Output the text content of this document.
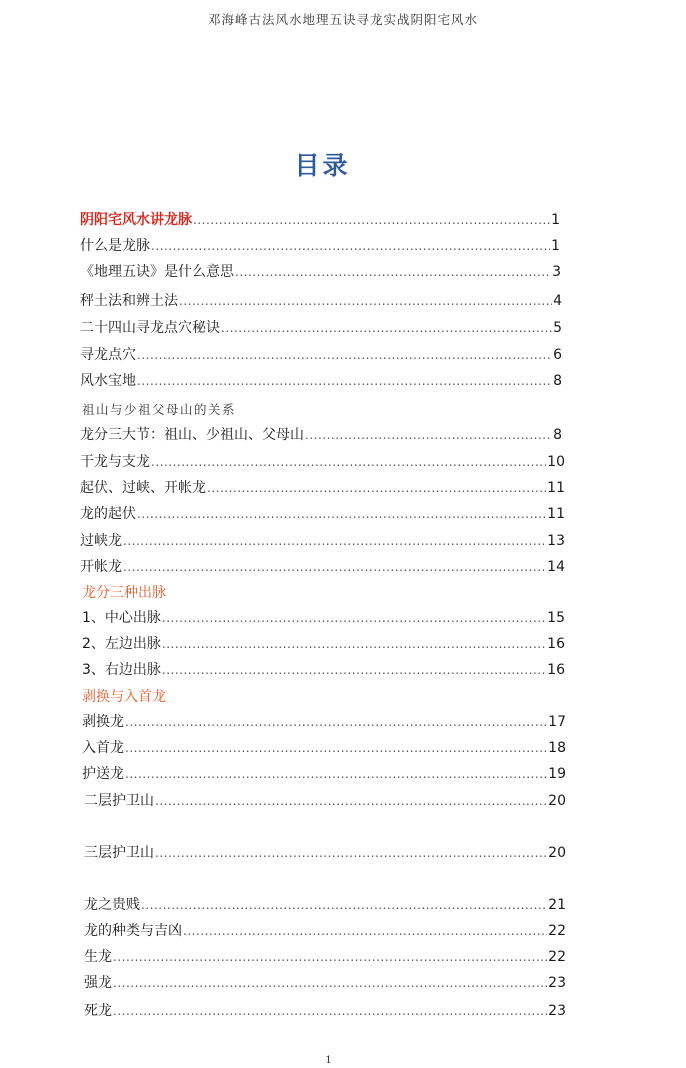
邓海峰古法风水地理五诀寻龙实战阴阳宅风水
目录
阴阳宅风水讲龙脉 .....	1
什么是龙脉 .....	1
《地理五诀》是什么意思 .....	3
秤土法和辨土法 .....	4
二十四山寻龙点穴秘诀 .....	5
寻龙点穴 .....	6
风水宝地 .....	8
祖山与少祖父母山的关系
龙分三大节：祖山、少祖山、父母山 .....	8
干龙与支龙 .....	10
起伏、过峡、开帐龙 .....	11
龙的起伏 .....	11
过峡龙 .....	13
开帐龙 .....	14
龙分三种出脉
1、中心出脉 .....	15
2、左边出脉 .....	16
3、右边出脉 .....	16
剥换与入首龙
剥换龙 .....	17
入首龙 .....	18
护送龙 .....	19
二层护卫山 .....	20
三层护卫山 .....	20
龙之贵贱 .....	21
龙的种类与吉凶 .....	22
生龙 .....	22
强龙 .....	23
死龙 .....	23
1
